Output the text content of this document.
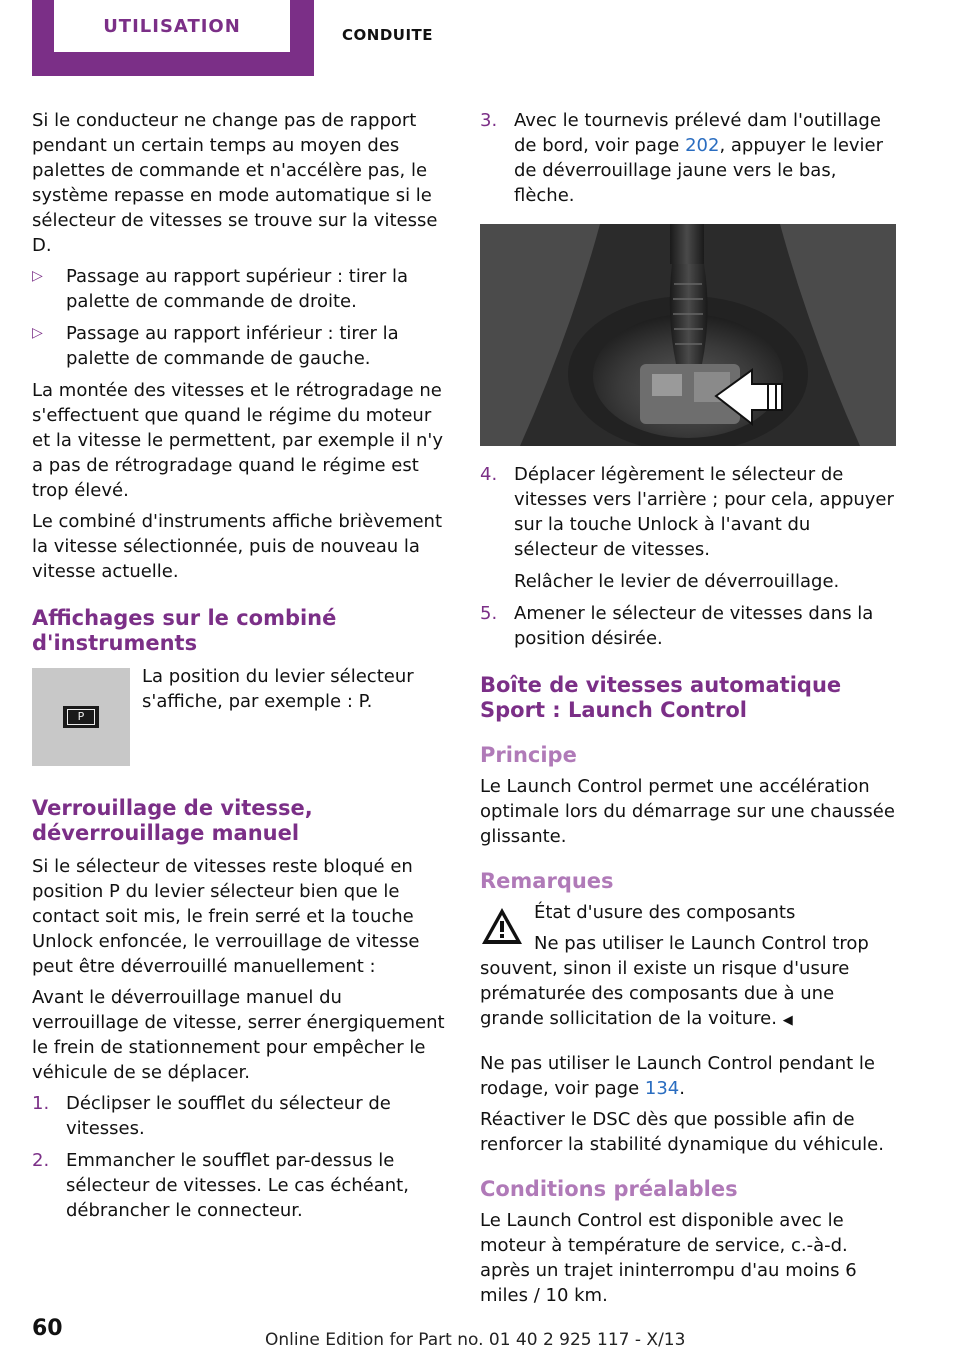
UTILISATION	CONDUITE

Si le conducteur ne change pas de rapport pendant un certain temps au moyen des palettes de commande et n'accélère pas, le système repasse en mode automatique si le sélecteur de vitesses se trouve sur la vitesse D.

▷ Passage au rapport supérieur : tirer la palette de commande de droite.
▷ Passage au rapport inférieur : tirer la palette de commande de gauche.

La montée des vitesses et le rétrogradage ne s'effectuent que quand le régime du moteur et la vitesse le permettent, par exemple il n'y a pas de rétrogradage quand le régime est trop élevé.

Le combiné d'instruments affiche brièvement la vitesse sélectionnée, puis de nouveau la vitesse actuelle.

Affichages sur le combiné d'instruments
P

La position du levier sélecteur s'affiche, par exemple : P.

Verrouillage de vitesse, déverrouillage manuel

Si le sélecteur de vitesses reste bloqué en position P du levier sélecteur bien que le contact soit mis, le frein serré et la touche Unlock enfoncée, le verrouillage de vitesse peut être déverrouillé manuellement :

Avant le déverrouillage manuel du verrouillage de vitesse, serrer énergiquement le frein de stationnement pour empêcher le véhicule de se déplacer.

1. Déclipser le soufflet du sélecteur de vitesses.
2. Emmancher le soufflet par-dessus le sélecteur de vitesses. Le cas échéant, débrancher le connecteur.
3. Avec le tournevis prélevé dam l'outillage de bord, voir page 202, appuyer le levier de déverrouillage jaune vers le bas, flèche.
4. Déplacer légèrement le sélecteur de vitesses vers l'arrière ; pour cela, appuyer sur la touche Unlock à l'avant du sélecteur de vitesses.
Relâcher le levier de déverrouillage.
5. Amener le sélecteur de vitesses dans la position désirée.
Boîte de vitesses automatique Sport : Launch Control
Principe

Le Launch Control permet une accélération optimale lors du démarrage sur une chaussée glissante.

Remarques

État d'usure des composants

Ne pas utiliser le Launch Control trop souvent, sinon il existe un risque d'usure prématurée des composants due à une grande sollicitation de la voiture. ◀

Ne pas utiliser le Launch Control pendant le rodage, voir page 134.

Réactiver le DSC dès que possible afin de renforcer la stabilité dynamique du véhicule.

Conditions préalables

Le Launch Control est disponible avec le moteur à température de service, c.-à-d. après un trajet ininterrompu d'au moins 6 miles / 10 km.

60	Online Edition for Part no. 01 40 2 925 117 - X/13
